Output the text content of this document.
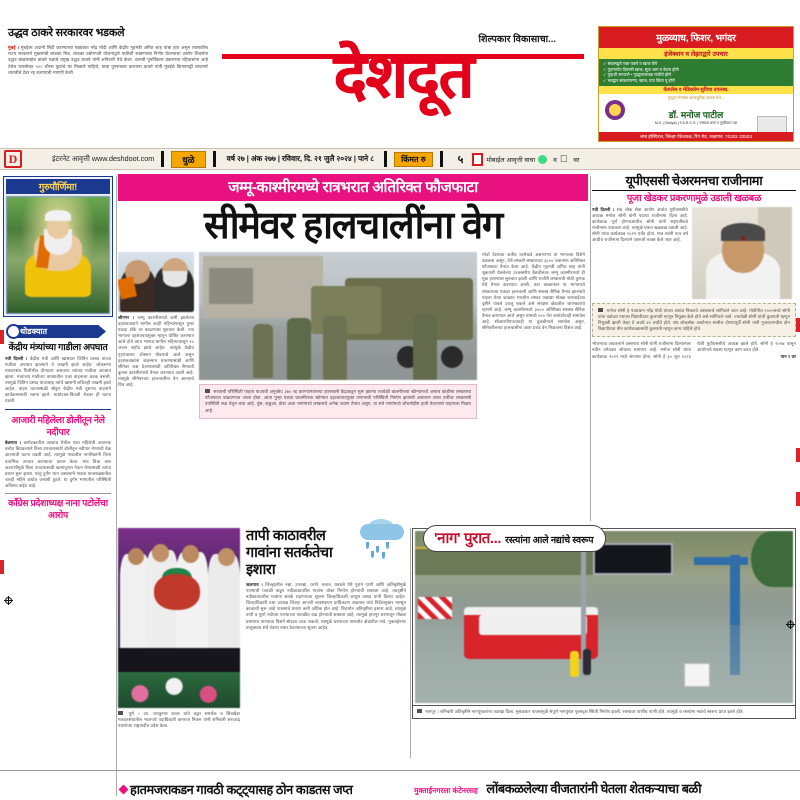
उद्धव ठाकरे सरकारवर भडकले
मुंबई । मुंबईला अदानी सिटी करण्याच्या षड्यंत्रात नरेंद्र मोदी आणि केंद्रीय गृहमंत्री अमित शाह यांचा हात असून त्यासाठीच राज्य सरकारने मुख्यमंत्री लाडका मित्र, लाडका उद्योगपती योजनाद्वारे पाठीशी राखण्याचा निर्णय घेतल्याचा आरोप शिवसेना उद्धव बाळासाहेब ठाकरे पक्षाचे प्रमुख उद्धव ठाकरे यांनी शनिवारी येथे केला. धारावी पुनर्विकास प्रकरणात रहिवाशांना आहे तेथेच घरासोबत ५०० चौरस फुटांचे घर मिळाले पाहिजे, याचा पुनरुच्चार करताना ठाकरे यांनी मुंबईचे किनारपट्टी लावणारे धारावीचे टेंडर रद्द करण्याची मागणी केली.
शिल्पकार विकासाचा...
देशदूत
मुळव्याध, फिशर, भगंदर
इंजेक्शन व लेझरद्वारे उपचार
✓ संडासद्वारे रक्त पडणे व खाज येणे
✓ गुदमार्गात दिवाणी खाज, सूज आग व वेदना होणे
✓ गुदाशी लटकणे • गुदद्वाराजवळ गाठीचे होणे
✓ मलद्वार सांडवणाऱ्या, खाज, गाठ किंवा पू होणे
कॅशलेस व मेडिक्लेम सुविधा उपलब्ध.
गुदद्वार रोगांच्या अत्याधुनिक उपचार येथे...
डॉ. मनोज पाटील
M.S. (Shalya) | F.A.R.C.S. | नरसाळ शस्त्र व गुदविकार तज्ञ
लांब हॉस्पिटल, जिल्हा पेठेजवळ, रिंग रोड, जळगाव. 70302 33533
D	इंटरनेट आवृत्ती www.deshdoot.com	धुळे	वर्ष २७ | अंक २७७ | रविवार, दि. २१ जुलै २०२४ | पाने ८	किंमत रु	५	मोबाईल आवृत्ती वाचा	व वर
गुरुपौर्णिमा!
थोडक्यात
केंद्रीय मंत्र्यांच्या गाडीला अपघात
नवी दिल्ली । केंद्रीय मंत्री आणि खासदार जितिन प्रसाद यांच्या गाडीला अपघात झाल्याने ते जखमी झाले आहेत. लोकसभा मतदारसंघ पिलीभीत दौऱ्यावर असताना त्यांच्या गाडीला अपघात झाला. मंत्र्यांच्या गाडीच्या ताफ्यातील एका वाहनाला धडक बसली. त्यामुळे जितिन प्रसाद यांच्यासह त्यांचे खासगी सचिवही जखमी झाले आहेत. वाहन घटनास्थळी सोडून केंद्रीय मंत्री दुसऱ्या वाहनाने कार्यक्रमासाठी रवाना झाले. माधोटाडा-बिजती रोडवर ही घटना घडली.
आजारी महिलेला डोलीतून नेले नदीपार
बेळगाव । कर्नाटकातील आकांथ येथील एका महिलेची अचानक तब्येत बिघडल्याने तिला उपचारासाठी डोलीतून नदीपार नेण्याची वेळ आल्याची घटना घडली आहे. त्यामुळे गावातील नागरिकांनी तिला प्राथमिक उपचार करण्याचा प्रयत्न केला. मात्र तिचा त्रास अडचणीमुळे तिला उपचारासाठी खानापूरला नेऊन येण्यासाठी त्यांचा प्रयत्न सुरू झाला. परंतु दुर्गम भाग असल्याने गावात पावसाळ्यातील चारही महिने अर्थात जगाशी तुटले. या दुर्गम भागातील परिस्थिती अतिशय वाईट आहे.
काँग्रेस प्रदेशाध्यक्ष नाना पटोलेंचा आरोप
जम्मू-काश्मीरमध्ये रात्रभरात अतिरिक्त फौजफाटा
सीमेवर हालचालींना वेग
श्रीनगर । जम्मू काश्मीरमध्ये कमी झालेल्या दहशतवादाने मागील काही महिन्यांपासून पुन्हा एकदा डोके वर काढण्यास सुरुवात केली. ज्या भागाला दहशतवादमुक्त म्हणून घोषित करण्यात आले होते त्याच भागात मागील महिन्यापासून १० जवान शहीद झाले आहेत. त्यामुळे केंद्रीय गृहमंत्रालय अ‍ॅक्शन मोडमध्ये आले असून दहशतवाद्यांना कंठस्नान घालण्यासाठी आणि सीमेवर लक्ष ठेवण्यासाठी अतिरिक्त सैन्याची कुमक काश्मीरमध्ये तैनात करण्यात आली आहे. त्यामुळे सीमेवरच्या हालचालींना वेग आल्याचे चित्र आहे.
सध्याची परिस्थिती पाहता याआधी अनुच्छेद ३७० रद्द करण्यानंतरच्या हालचाली केंद्राकडून सुरू झाल्या त्यावेळी काश्मीरच्या खोऱ्यामध्ये असाच काहीसा लष्कराचा फौजफाटा वाढवण्यात आला होता. आता पुन्हा एकदा काश्मीरच्या खोऱ्यात दहशतवादमुक्त तणावाची परिस्थिती निर्माण झालेली असताना त्याच धर्तीवर लष्कराची उपस्थिती लक्ष वेधून जात आहे. पुंछ, कठुआ, डोडा अशा भागांमध्ये लष्कराचे अनेक जवान तैनात असून, या सर्व भागांमध्ये शोधमोहीम हाती घेतल्याचे पाहायला मिळत आहे.
मोर्चा देशाच्या अतीव उत्तरेकडे असणाऱ्या या भागाच्या दिशेने वळवला असून, येथे लष्करी लष्कराच्या ३००० जवानांना अतिरिक्त फौजफाटा तैनात केला आहे. केंद्रीय गृहमंत्री अमित शाह यांनी शुक्रवारी घेतलेल्या उच्चस्तरीय बैठकीनंतर जम्मू काश्मीरमध्ये ही मूळ हलण्यास सुरुवात झाली आणि राजौरी लष्कराची मोठी कुमक येथे तैनात करण्यात आली. फार काळानंतर या भागामध्ये लष्कराच्या एकंदर हालचाली आणि सशस्त्र सैनिक तैनात झाल्याचे पाहता येत्या काळात भारतीय लष्कर एखाद्या मोठ्या कारवाईच्या दृष्टीने पावले उचलू शकले असे संरक्षण क्षेत्रातील जाणकारांचे म्हणणे आहे. जम्मू काश्मीरमध्ये ३००० अतिरिक्त सशस्त्र सैनिक तैनात करण्यात आले असून यामध्ये ५०० पॅरा कमांडोंचाही समावेश आहे. सीआरपीएफच्याही या तुकडीमध्ये समावेश असून, सीमेवरीलच्या हालचालींना आता प्रचंड वेग मिळताना दिसत आहे.
यूपीएससी चेअरमनचा राजीनामा
पूजा खेडकर प्रकरणामुळे उडाली खळबळ
नवी दिल्ली । संघ लोक सेवा आयोग अर्थात यूपीएससीचे अध्यक्ष मनोज सोनी यांनी पदाचा राजीनामा दिला आहे. कार्यकाळ पूर्ण होण्याआधीच सोनी यांनी राष्ट्रपतींकडे राजीनामा पाठवला आहे. त्यामुळे एकच खळबळ उडाली आहे. सोनी यांचा कार्यकाळ २०२९ पर्यंत होता, मात्र त्यांनी पाच वर्ष आधीच राजीनामा दिल्याने आश्चर्य व्यक्त केले जात आहे.
मनोज सोनी हे पंतप्रधान नरेंद्र मोदी यांच्या अत्यंत निकटचे असल्याचे सांगितले जात आहे. मोदींनीच २००५मध्ये सोनी यांना वडोदरा एमएस विद्यापीठात कुलपती म्हणून नियुक्त केले होते असे सांगितले जाते. ज्यावेळी सोनी यांची कुलपती म्हणून नियुक्ती झाली तेव्हा ते अवघे ४० वर्षांचे होते. संघ लोकसेवा आयोगात सामील होण्यापूर्वी सोनी यांनी गुजरातमधील दोन विद्यापीठात तीन कार्यकाळासाठी कुलपती म्हणून काम पाहिले होते.
भोजनाचा अग्रकमांने असणारा सोनी यांनी राजीनामा दिल्यानंतर नवीन उमेदवार शोधावा लागणार आहे. मनोज सोनी यांचा कार्यकाळ २०२९ मध्ये संपणार होता. सोनी हे ३० जून २०२३ रोजी यूपीएससीचे अध्यक्ष झाले होते. सोनी हे २०१७ पासून आयोगाचे सदस्य म्हणून काम करत होते.
पान २ वर
पुणे । आ. जयकुमार रावल यांचे कट्टर समर्थक व शिंदखेडा मतदारसंघातील भाजपचे पदाधिकारी कमराज निकम यांनी शनिवारी शरदचंद्र पवारांच्या राष्ट्रवादीत प्रवेश केला.
तापी काठावरील गावांना सतर्कतेचा इशारा
जळगाव । जिल्ह्यातील नद्या, उपनद्या, धरणे, तलाव, धबधबे येथे पुराने पाणी आणि अतिवृष्टीमुळे पाण्याची पातळी वाढून नदीकाठावरील गावांना धोका निर्माण होण्याची शक्यता आहे. त्यादृष्टीने नदीकाठावरील गावांना सतर्क राहण्याच्या सूचना जिल्हाधिकारी आयुष प्रसाद यांनी दिल्या आहेत. जिल्हाधिकारी तथा अध्यक्ष जिल्हा आपत्ती व्यवस्थापन प्राधिकरण जळगाव यांचे निर्देशानुसार मान्सून काळाची सुरू आहे पावसाचे प्रमाण कमी अधिक होत आहे. विदर्भात अतिवृष्टीचा इशारा आहे. त्यामुळे तापी व पूर्णा नदीच्या पाण्याच्या पातळीत वाढ होण्याची शक्यता आहे. त्यामुळे हातनूर धरणातून मोठ्या प्रमाणात पाण्याचा विसर्ग सोडला जाऊ शकतो, त्यामुळे धरणाच्या पाणलोट क्षेत्रातील गावे, मुक्ताईनगर तालुक्यात सर्व यंत्रणा तयार ठेवण्याच्या सूचना आहेत.
'नाग' पुरात... रस्त्यांना आले नद्यांचे स्वरूप
नागपूर । शनिवारी अतिवृष्टीने नागपूरकरांना तडाखा दिला. मुसळधार पावसामुळे संपूर्ण नागपुरात पूरसदृश स्थिती निर्माण झाली. रस्त्यावर पाणीच पाणी होते. त्यामुळे व रस्त्यांना नद्यांचे स्वरूप प्राप्त झाले होते.
हातमजराकडन गावठी कट्ट्यासह ठोन काडतस जप्त	मुक्ताईनगरला कंटेनरसह लोंबकळलेल्या वीजतारांनी घेतला शेतकऱ्याचा बळी
